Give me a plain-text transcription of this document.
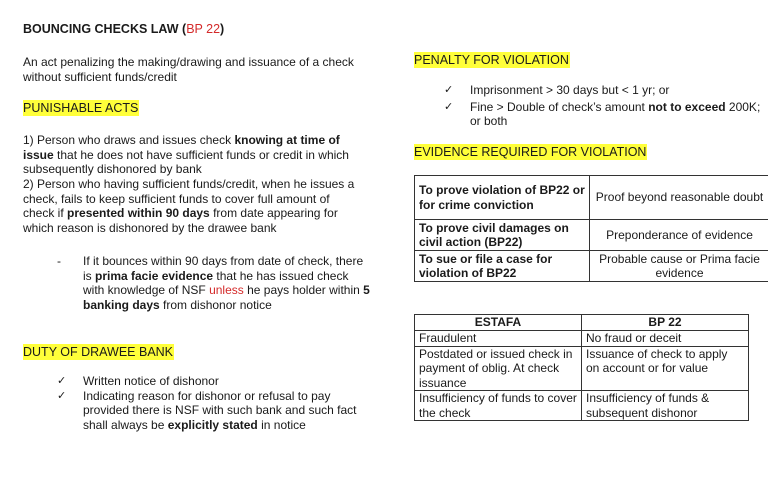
BOUNCING CHECKS LAW (BP 22)

An act penalizing the making/drawing and issuance of a check without sufficient funds/credit

PUNISHABLE ACTS

1) Person who draws and issues check knowing at time of issue that he does not have sufficient funds or credit in which subsequently dishonored by bank

2) Person who having sufficient funds/credit, when he issues a check, fails to keep sufficient funds to cover full amount of check if presented within 90 days from date appearing for which reason is dishonored by the drawee bank

- If it bounces within 90 days from date of check, there is prima facie evidence that he has issued check with knowledge of NSF unless he pays holder within 5 banking days from dishonor notice

DUTY OF DRAWEE BANK

✓ Written notice of dishonor
✓ Indicating reason for dishonor or refusal to pay provided there is NSF with such bank and such fact shall always be explicitly stated in notice

PENALTY FOR VIOLATION

✓ Imprisonment > 30 days but < 1 yr; or
✓ Fine > Double of check’s amount not to exceed 200K; or both

EVIDENCE REQUIRED FOR VIOLATION

To prove violation of BP22 or for crime conviction	Proof beyond reasonable doubt
To prove civil damages on civil action (BP22)	Preponderance of evidence
To sue or file a case for violation of BP22	Probable cause or Prima facie evidence
ESTAFA	BP 22
Fraudulent	No fraud or deceit
Postdated or issued check in payment of oblig. At check issuance	Issuance of check to apply on account or for value
Insufficiency of funds to cover the check	Insufficiency of funds & subsequent dishonor
